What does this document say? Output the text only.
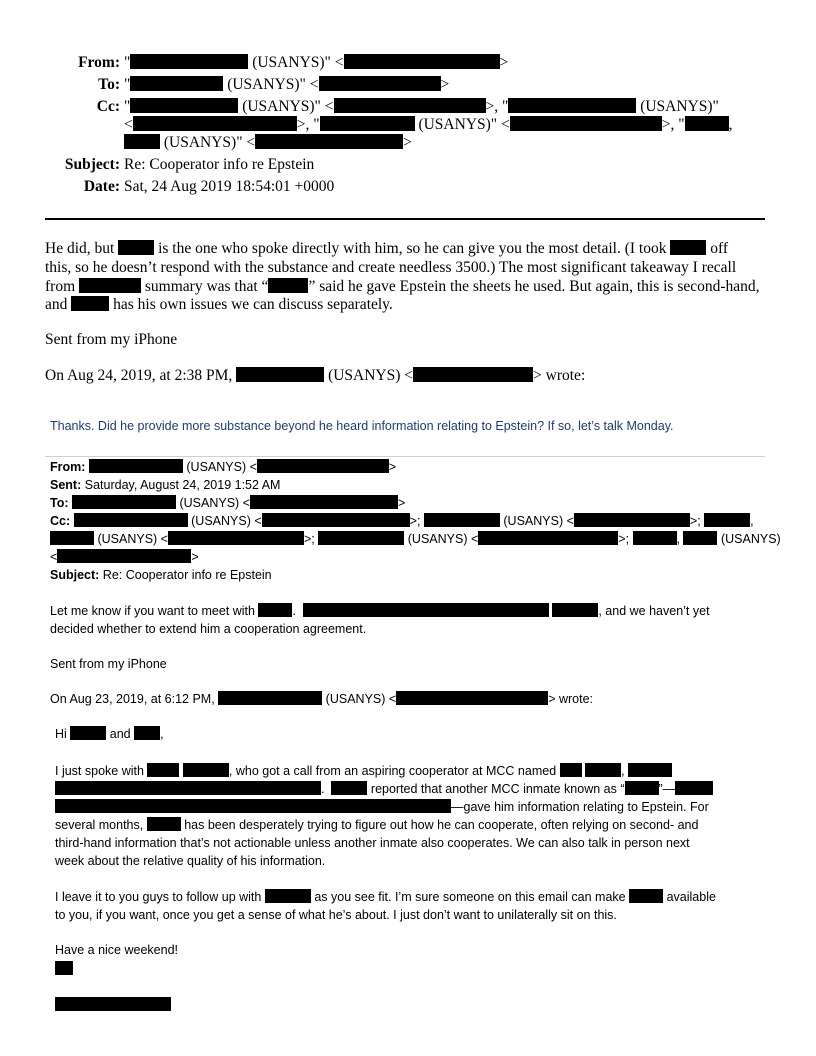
From: "	(USANYS)" <	>
To: "	(USANYS)" <	>
Cc: "	(USANYS)" <	>, "	(USANYS)"
<	>, "	(USANYS)" <	>, "	,
(USANYS)" <	>
Subject: Re: Cooperator info re Epstein
Date: Sat, 24 Aug 2019 18:54:01 +0000
He did, but	is the one who spoke directly with him, so he can give you the most detail. (I took	off
this, so he doesn’t respond with the substance and create needless 3500.) The most significant takeaway I recall
from	summary was that “	” said he gave Epstein the sheets he used. But again, this is second-hand,
and	has his own issues we can discuss separately.
Sent from my iPhone
On Aug 24, 2019, at 2:38 PM,	(USANYS) <	> wrote:
Thanks. Did he provide more substance beyond he heard information relating to Epstein? If so, let’s talk Monday.
From:	(USANYS) <	>
Sent: Saturday, August 24, 2019 1:52 AM
To:	(USANYS) <	>
Cc:	(USANYS) <	>;	(USANYS) <	>;	,
(USANYS) <	>;	(USANYS) <	>;	,	(USANYS)
<	>
Subject: Re: Cooperator info re Epstein
Let me know if you want to meet with	.	, and we haven’t yet
decided whether to extend him a cooperation agreement.
Sent from my iPhone
On Aug 23, 2019, at 6:12 PM,	(USANYS) <	> wrote:
Hi	and ,
I just spoke with	, who got a call from an aspiring cooperator at MCC named	,
.	reported that another MCC inmate known as “	”—
—gave him information relating to Epstein. For
several months,	has been desperately trying to figure out how he can cooperate, often relying on second- and
third-hand information that’s not actionable unless another inmate also cooperates. We can also talk in person next
week about the relative quality of his information.
I leave it to you guys to follow up with	as you see fit. I’m sure someone on this email can make	available
to you, if you want, once you get a sense of what he’s about. I just don’t want to unilaterally sit on this.
Have a nice weekend!
